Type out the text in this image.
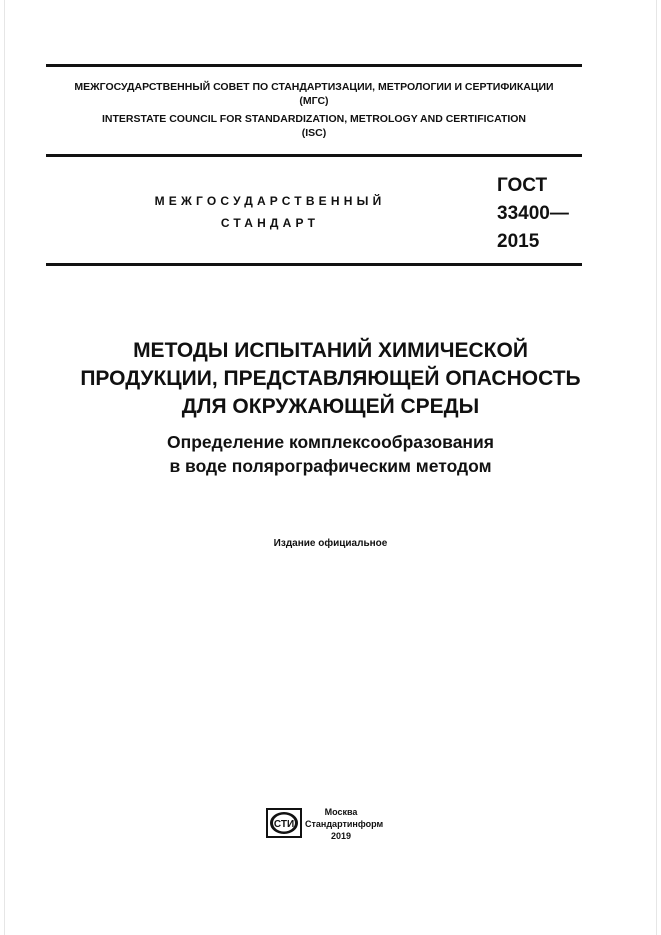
МЕЖГОСУДАРСТВЕННЫЙ СОВЕТ ПО СТАНДАРТИЗАЦИИ, МЕТРОЛОГИИ И СЕРТИФИКАЦИИ
(МГС)
INTERSTATE COUNCIL FOR STANDARDIZATION, METROLOGY AND CERTIFICATION
(ISC)
МЕЖГОСУДАРСТВЕННЫЙ
СТАНДАРТ
ГОСТ
33400—
2015
МЕТОДЫ ИСПЫТАНИЙ ХИМИЧЕСКОЙ
ПРОДУКЦИИ, ПРЕДСТАВЛЯЮЩЕЙ ОПАСНОСТЬ
ДЛЯ ОКРУЖАЮЩЕЙ СРЕДЫ
Определение комплексообразования
в воде полярографическим методом
Издание официальное
СТИ
Москва
Стандартинформ
2019
